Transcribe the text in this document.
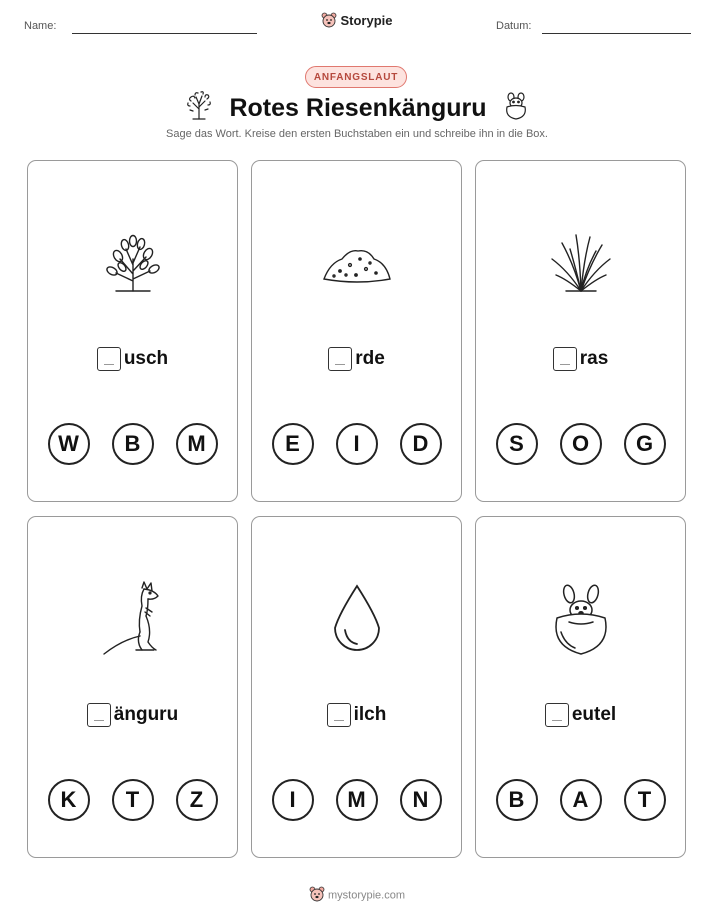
Name:	Storypie	Datum:
ANFANGSLAUT
Rotes Riesenkänguru
Sage das Wort. Kreise den ersten Buchstaben ein und schreibe ihn in die Box.
usch
W	B	M
rde
E	I	D
ras
S	O	G
änguru
K	T	Z
ilch
I	M	N
eutel
B	A	T
mystorypie.com
